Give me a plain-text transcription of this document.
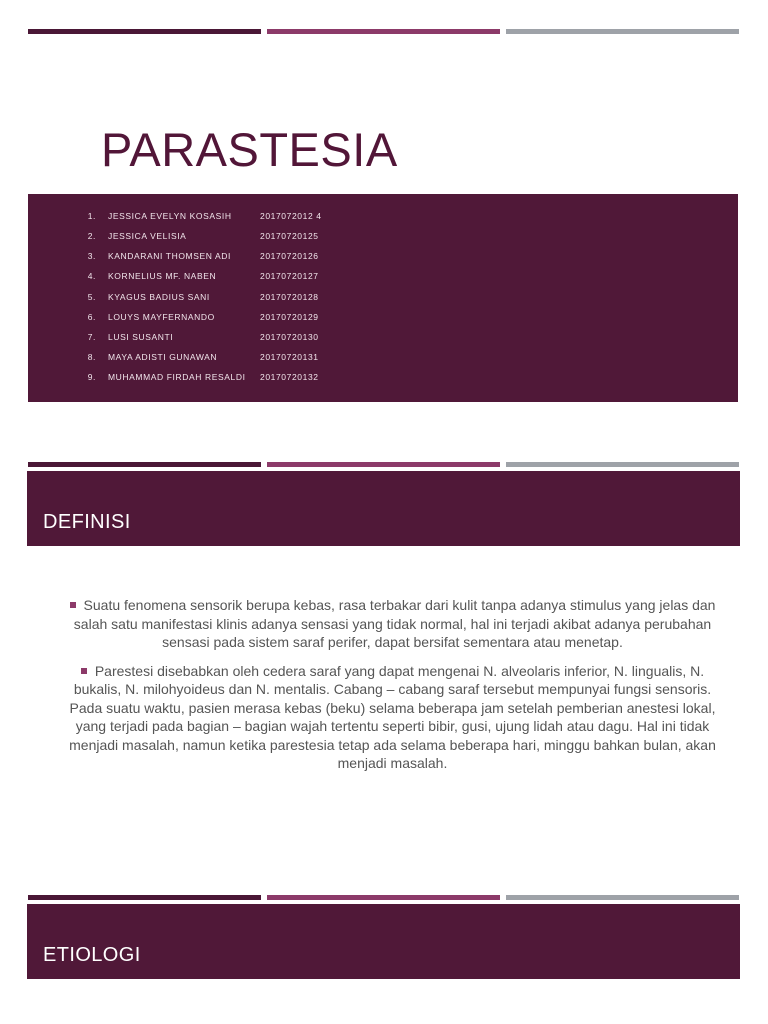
PARASTESIA
1. JESSICA EVELYN KOSASIH	2017072012 4
2. JESSICA VELISIA	20170720125
3. KANDARANI THOMSEN ADI	20170720126
4. KORNELIUS MF. NABEN	20170720127
5. KYAGUS BADIUS SANI	20170720128
6. LOUYS MAYFERNANDO	20170720129
7. LUSI SUSANTI	20170720130
8. MAYA ADISTI GUNAWAN	20170720131
9. MUHAMMAD FIRDAH RESALDI 20170720132
DEFINISI

Suatu fenomena sensorik berupa kebas, rasa terbakar dari kulit tanpa adanya stimulus yang jelas dan salah satu manifestasi klinis adanya sensasi yang tidak normal, hal ini terjadi akibat adanya perubahan sensasi pada sistem saraf perifer, dapat bersifat sementara atau menetap.

Parestesi disebabkan oleh cedera saraf yang dapat mengenai N. alveolaris inferior, N. lingualis, N. bukalis, N. milohyoideus dan N. mentalis. Cabang – cabang saraf tersebut mempunyai fungsi sensoris. Pada suatu waktu, pasien merasa kebas (beku) selama beberapa jam setelah pemberian anestesi lokal, yang terjadi pada bagian – bagian wajah tertentu seperti bibir, gusi, ujung lidah atau dagu. Hal ini tidak menjadi masalah, namun ketika parestesia tetap ada selama beberapa hari, minggu bahkan bulan, akan menjadi masalah.

ETIOLOGI
